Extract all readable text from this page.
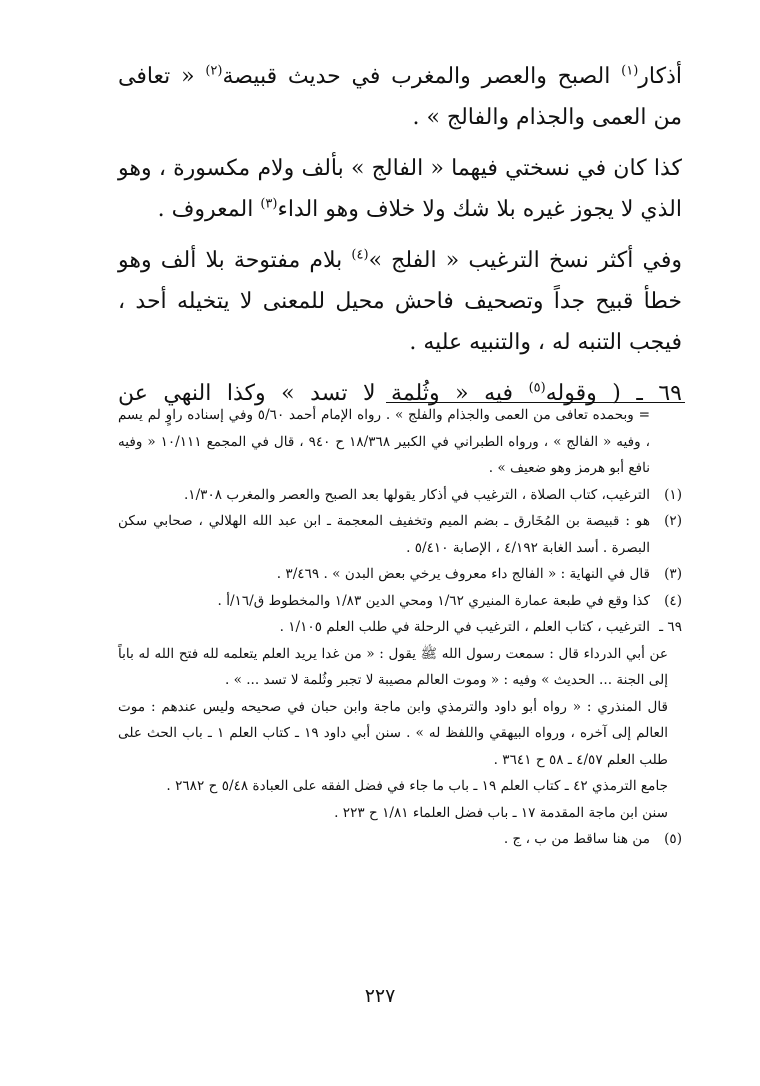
أذكار$^{(١)}$ الصبح والعصر والمغرب في حديث قبيصة$^{(٢)}$ « تعافى من العمى والجذام والفالج » .

كذا كان في نسختي فيهما « الفالج » بألف ولام مكسورة ، وهو الذي لا يجوز غيره بلا شك ولا خلاف وهو الداء$^{(٣)}$ المعروف .

وفي أكثر نسخ الترغيب « الفلج »$^{(٤)}$ بلام مفتوحة بلا ألف وهو خطأ قبيح جداً وتصحيف فاحش محيل للمعنى لا يتخيله أحد ، فيجب التنبه له ، والتنبيه عليه .

٦٩ ـ ( وقوله$^{(٥)}$ فيه « وثُلمة لا تسد » وكذا النهي عن

= وبحمده تعافى من العمى والجذام والفلج » . رواه الإمام أحمد ٥/٦٠ وفي إسناده راوٍ لم يسم ، وفيه « الفالج » ، ورواه الطبراني في الكبير ١٨/٣٦٨ ح ٩٤٠ ، قال في المجمع ١٠/١١١ « وفيه نافع أبو هرمز وهو ضعيف » .

(١)
الترغيب، كتاب الصلاة ، الترغيب في أذكار يقولها بعد الصبح والعصر والمغرب ١/٣٠٨.

(٢)
هو : قبيصة بن المُخَارق ـ بضم الميم وتخفيف المعجمة ـ ابن عبد الله الهلالي ، صحابي سكن البصرة . أسد الغابة ٤/١٩٢ ، الإصابة ٥/٤١٠ .

(٣)
قال في النهاية : « الفالج داء معروف يرخي بعض البدن » . ٣/٤٦٩ .

(٤)
كذا وقع في طبعة عمارة المنيري ١/٦٢ ومحي الدين ١/٨٣ والمخطوط ق/١٦/أ .

٦٩ ـ
الترغيب ، كتاب العلم ، الترغيب في الرحلة في طلب العلم ١/١٠٥ .

عن أبي الدرداء قال : سمعت رسول الله ﷺ يقول : « من غدا يريد العلم يتعلمه لله فتح الله له باباً إلى الجنة ... الحديث » وفيه : « وموت العالم مصيبة لا تجبر وثُلمة لا تسد ... » .

قال المنذري : « رواه أبو داود والترمذي وابن ماجة وابن حبان في صحيحه وليس عندهم : موت العالم إلى آخره ، ورواه البيهقي واللفظ له » . سنن أبي داود ١٩ ـ كتاب العلم ١ ـ باب الحث على طلب العلم ٤/٥٧ ـ ٥٨ ح ٣٦٤١ .

جامع الترمذي ٤٢ ـ كتاب العلم ١٩ ـ باب ما جاء في فضل الفقه على العبادة ٥/٤٨ ح ٢٦٨٢ .

سنن ابن ماجة المقدمة ١٧ ـ باب فضل العلماء ١/٨١ ح ٢٢٣ .

(٥)
من هنا ساقط من ب ، ج .

٢٢٧
